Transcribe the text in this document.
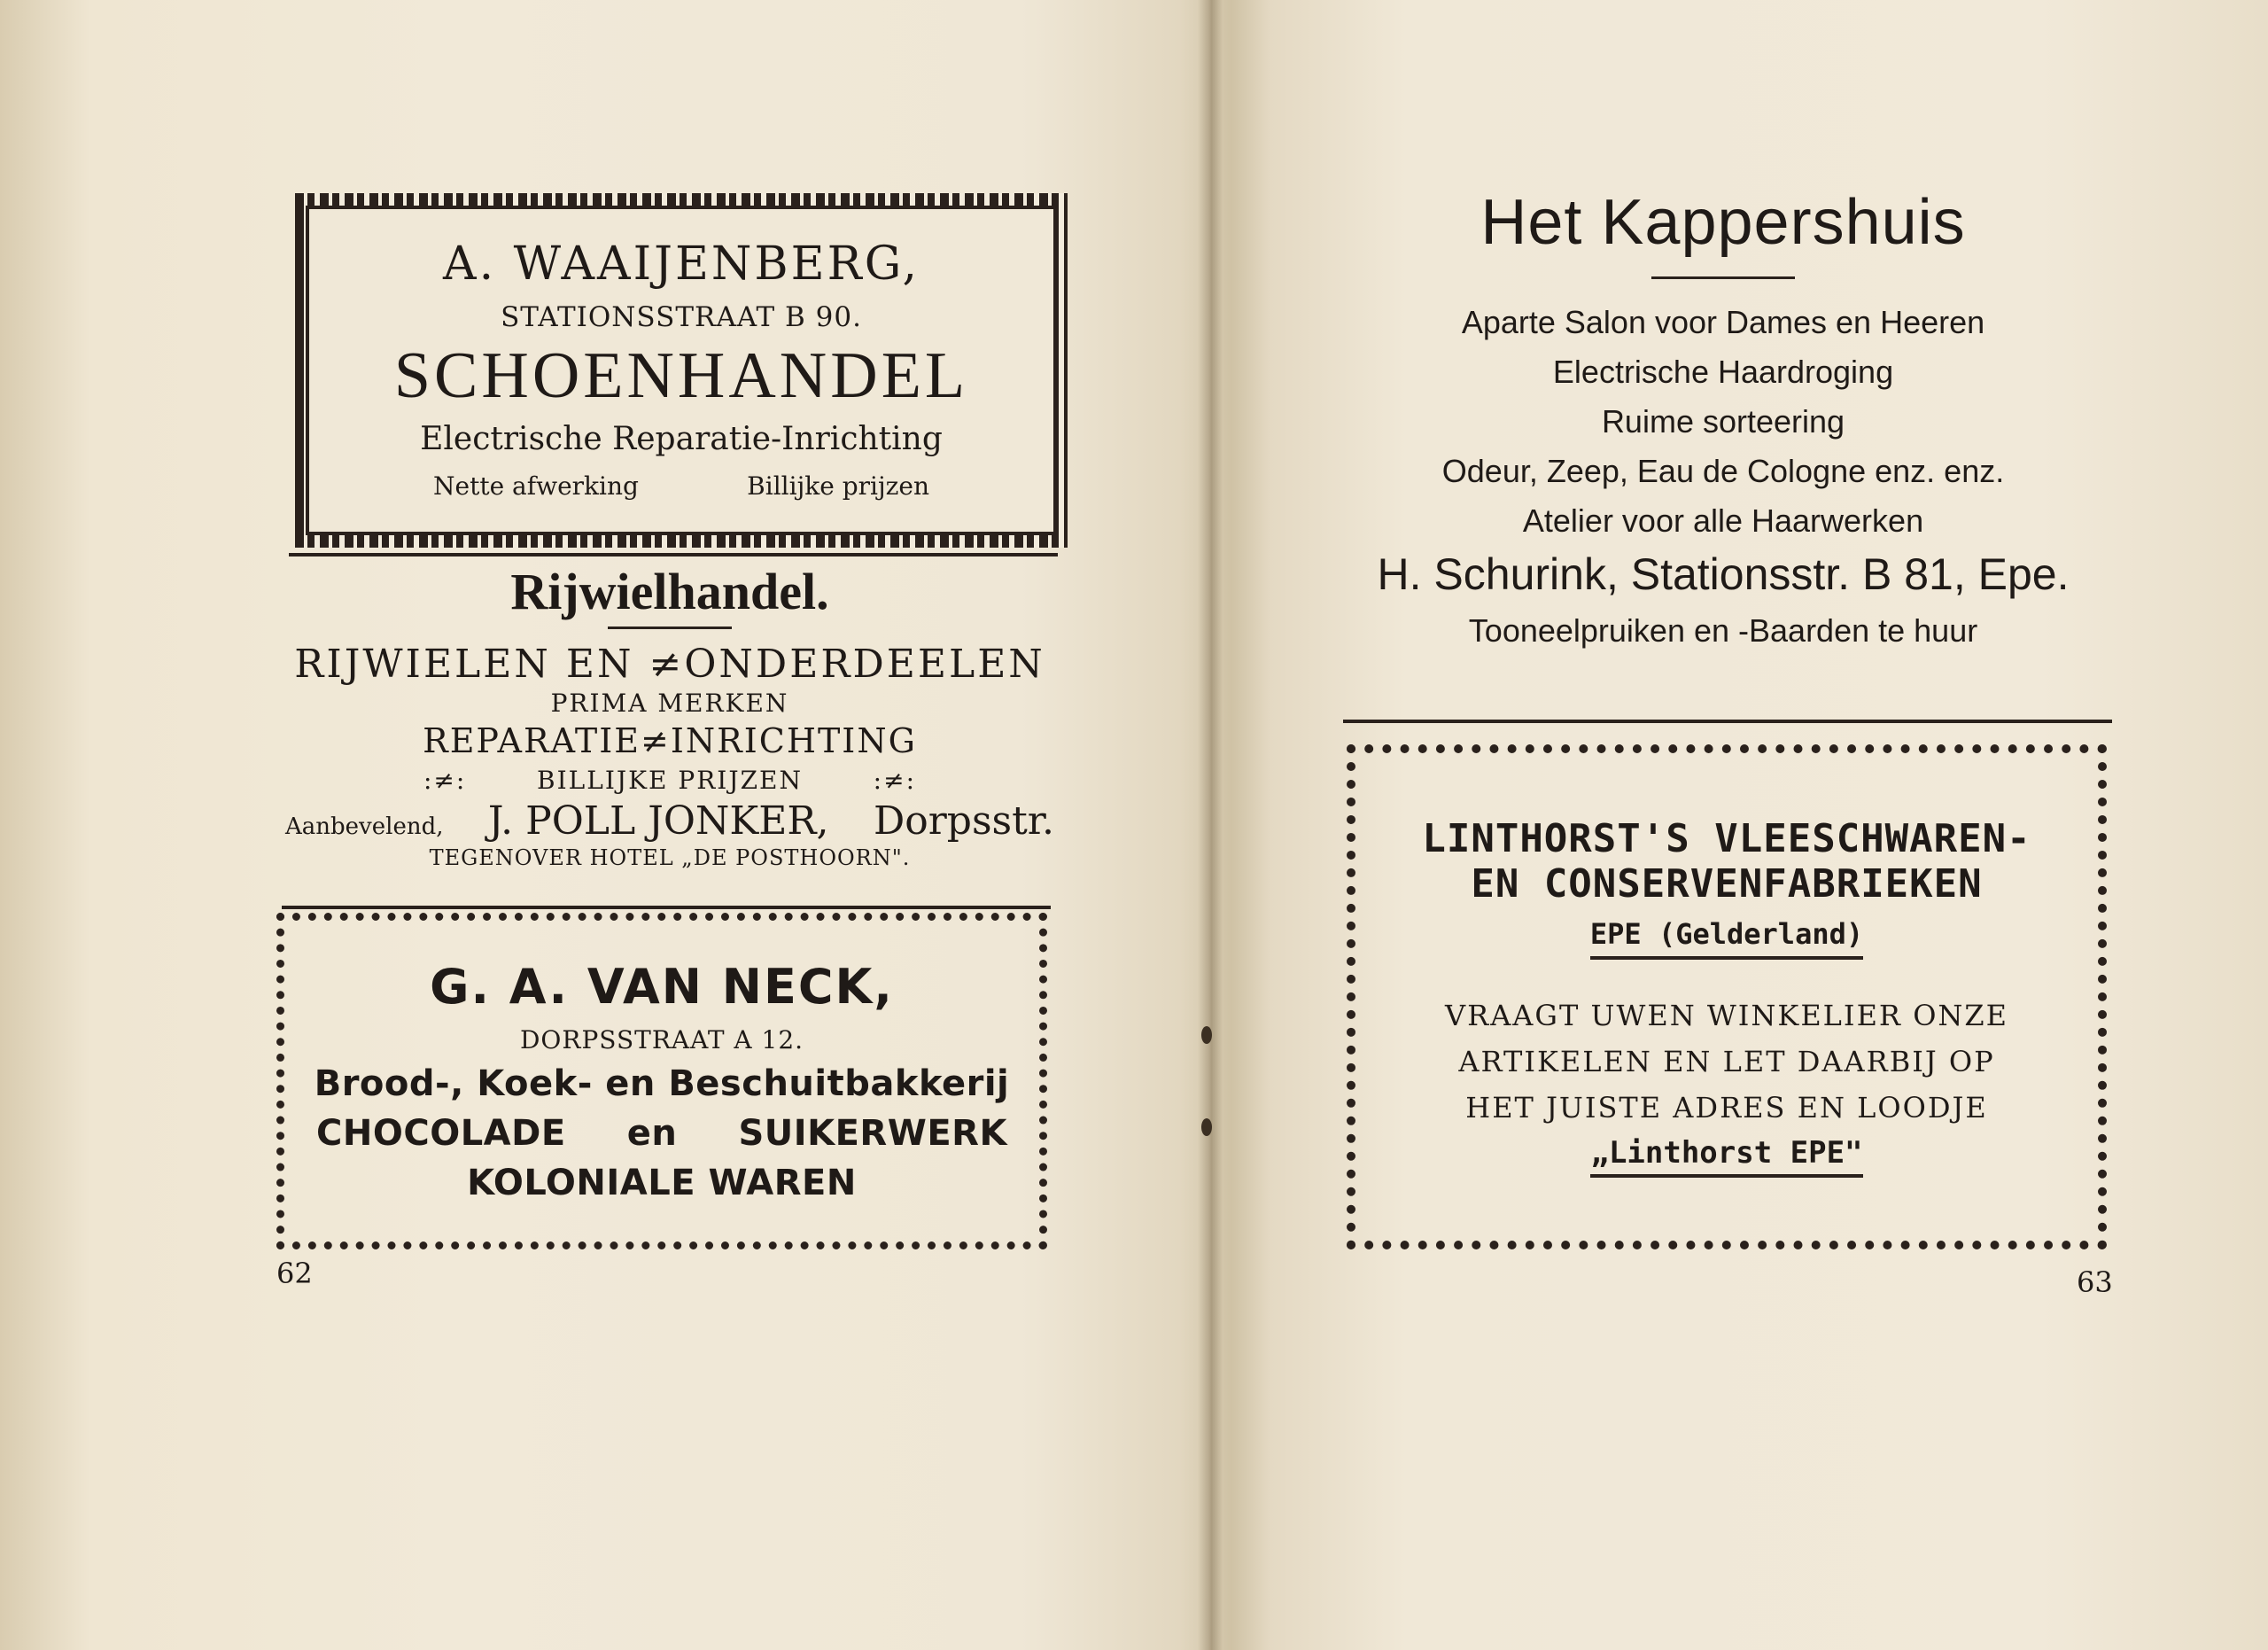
A. WAAIJENBERG,
STATIONSSTRAAT B 90.
SCHOENHANDEL
Electrische Reparatie-Inrichting
Nette afwerking	Billijke prijzen
Rijwielhandel.
RIJWIELEN EN ≠ONDERDEELEN
PRIMA MERKEN
REPARATIE≠INRICHTING
:≠:	BILLIJKE PRIJZEN	:≠:
Aanbevelend, J. POLL JONKER, Dorpsstr.
TEGENOVER HOTEL „DE POSTHOORN".
G. A. VAN NECK,
DORPSSTRAAT A 12.
Brood-, Koek- en Beschuitbakkerij
CHOCOLADE en SUIKERWERK
KOLONIALE WAREN
62
Het Kappershuis
Aparte Salon voor Dames en Heeren
Electrische Haardroging
Ruime sorteering
Odeur, Zeep, Eau de Cologne enz. enz.
Atelier voor alle Haarwerken
H. Schurink, Stationsstr. B 81, Epe.
Tooneelpruiken en -Baarden te huur
LINTHORST'S VLEESCHWAREN-
EN CONSERVENFABRIEKEN
EPE (Gelderland)
VRAAGT UWEN WINKELIER ONZE
ARTIKELEN EN LET DAARBIJ OP
HET JUISTE ADRES EN LOODJE
„Linthorst EPE"
63
